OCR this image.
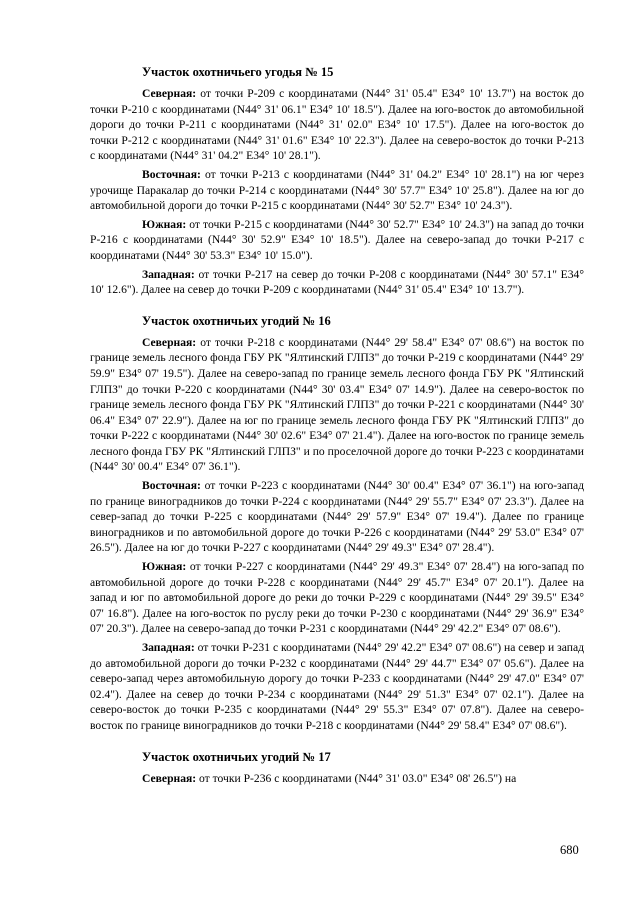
Участок охотничьего угодья № 15

Северная: от точки Р-209 с координатами (N44° 31' 05.4" E34° 10' 13.7") на восток до точки Р-210 с координатами (N44° 31' 06.1" E34° 10' 18.5"). Далее на юго-восток до автомобильной дороги до точки Р-211 с координатами (N44° 31' 02.0" E34° 10' 17.5"). Далее на юго-восток до точки Р-212 с координатами (N44° 31' 01.6" E34° 10' 22.3"). Далее на северо-восток до точки Р-213 с координатами (N44° 31' 04.2" E34° 10' 28.1").

Восточная: от точки Р-213 с координатами (N44° 31' 04.2" E34° 10' 28.1") на юг через урочище Паракалар до точки Р-214 с координатами (N44° 30' 57.7" E34° 10' 25.8"). Далее на юг до автомобильной дороги до точки Р-215 с координатами (N44° 30' 52.7" E34° 10' 24.3").

Южная: от точки Р-215 с координатами (N44° 30' 52.7" E34° 10' 24.3") на запад до точки Р-216 с координатами (N44° 30' 52.9" E34° 10' 18.5"). Далее на северо-запад до точки Р-217 с координатами (N44° 30' 53.3" E34° 10' 15.0").

Западная: от точки Р-217 на север до точки Р-208 с координатами (N44° 30' 57.1" E34° 10' 12.6"). Далее на север до точки Р-209 с координатами (N44° 31' 05.4" E34° 10' 13.7").

Участок охотничьих угодий № 16

Северная: от точки Р-218 с координатами (N44° 29' 58.4" E34° 07' 08.6") на восток по границе земель лесного фонда ГБУ РК "Ялтинский ГЛПЗ" до точки Р-219 с координатами (N44° 29' 59.9" E34° 07' 19.5"). Далее на северо-запад по границе земель лесного фонда ГБУ РК "Ялтинский ГЛПЗ" до точки Р-220 с координатами (N44° 30' 03.4" E34° 07' 14.9"). Далее на северо-восток по границе земель лесного фонда ГБУ РК "Ялтинский ГЛПЗ" до точки Р-221 с координатами (N44° 30' 06.4" E34° 07' 22.9"). Далее на юг по границе земель лесного фонда ГБУ РК "Ялтинский ГЛПЗ" до точки Р-222 с координатами (N44° 30' 02.6" E34° 07' 21.4"). Далее на юго-восток по границе земель лесного фонда ГБУ РК "Ялтинский ГЛПЗ" и по проселочной дороге до точки Р-223 с координатами (N44° 30' 00.4" E34° 07' 36.1").

Восточная: от точки Р-223 с координатами (N44° 30' 00.4" E34° 07' 36.1") на юго-запад по границе виноградников до точки Р-224 с координатами (N44° 29' 55.7" E34° 07' 23.3"). Далее на север-запад до точки Р-225 с координатами (N44° 29' 57.9" E34° 07' 19.4"). Далее по границе виноградников и по автомобильной дороге до точки Р-226 с координатами (N44° 29' 53.0" E34° 07' 26.5"). Далее на юг до точки Р-227 с координатами (N44° 29' 49.3" E34° 07' 28.4").

Южная: от точки Р-227 с координатами (N44° 29' 49.3" E34° 07' 28.4") на юго-запад по автомобильной дороге до точки Р-228 с координатами (N44° 29' 45.7" E34° 07' 20.1"). Далее на запад и юг по автомобильной дороге до реки до точки Р-229 с координатами (N44° 29' 39.5" E34° 07' 16.8"). Далее на юго-восток по руслу реки до точки Р-230 с координатами (N44° 29' 36.9" E34° 07' 20.3"). Далее на северо-запад до точки Р-231 с координатами (N44° 29' 42.2" E34° 07' 08.6").

Западная: от точки Р-231 с координатами (N44° 29' 42.2" E34° 07' 08.6") на север и запад до автомобильной дороги до точки Р-232 с координатами (N44° 29' 44.7" E34° 07' 05.6"). Далее на северо-запад через автомобильную дорогу до точки Р-233 с координатами (N44° 29' 47.0" E34° 07' 02.4"). Далее на север до точки Р-234 с координатами (N44° 29' 51.3" E34° 07' 02.1"). Далее на северо-восток до точки Р-235 с координатами (N44° 29' 55.3" E34° 07' 07.8"). Далее на северо-восток по границе виноградников до точки Р-218 с координатами (N44° 29' 58.4" E34° 07' 08.6").

Участок охотничьих угодий № 17

Северная: от точки Р-236 с координатами (N44° 31' 03.0" E34° 08' 26.5") на

680
